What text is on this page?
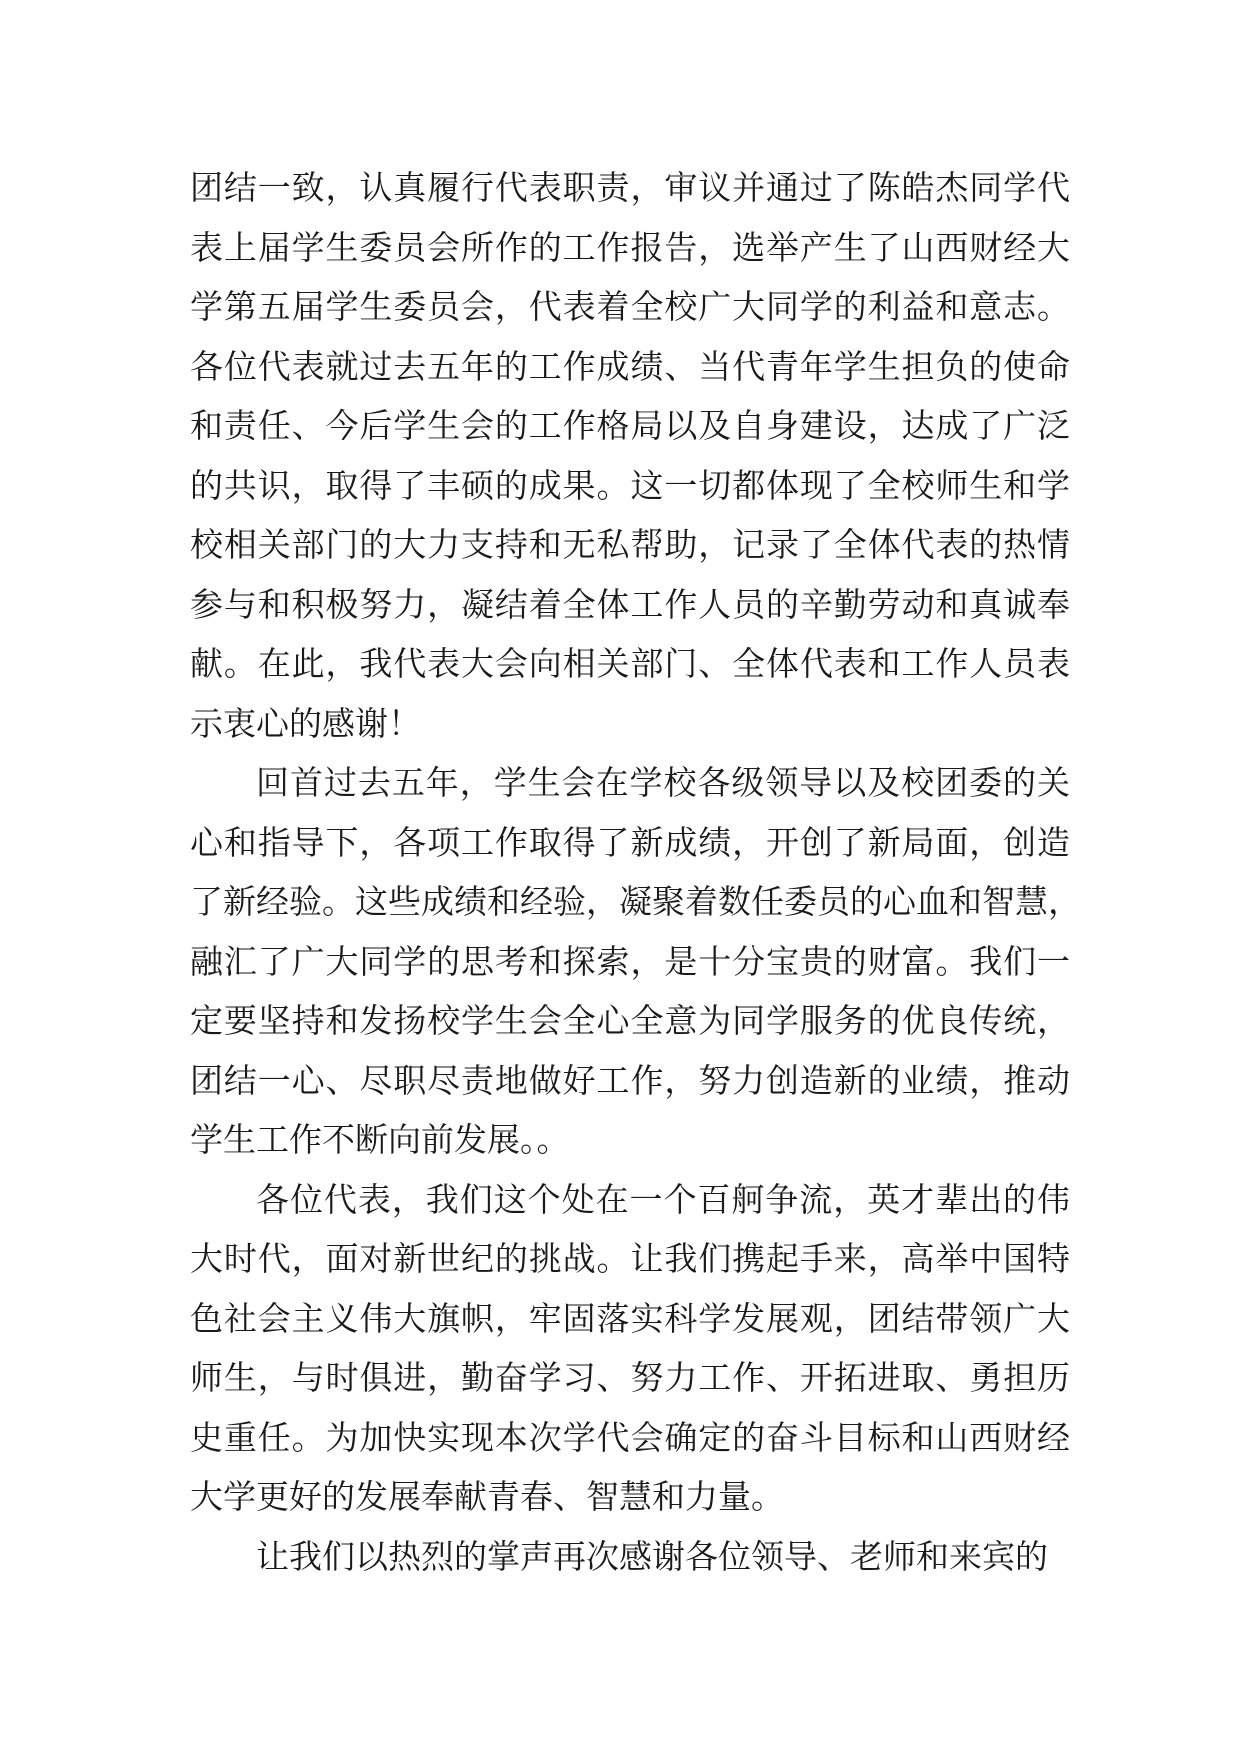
团结一致，认真履行代表职责，审议并通过了陈皓杰同学代
表上届学生委员会所作的工作报告，选举产生了山西财经大
学第五届学生委员会，代表着全校广大同学的利益和意志。
各位代表就过去五年的工作成绩、当代青年学生担负的使命
和责任、今后学生会的工作格局以及自身建设，达成了广泛
的共识，取得了丰硕的成果。这一切都体现了全校师生和学
校相关部门的大力支持和无私帮助，记录了全体代表的热情
参与和积极努力，凝结着全体工作人员的辛勤劳动和真诚奉
献。在此，我代表大会向相关部门、全体代表和工作人员表
示衷心的感谢！
回首过去五年，学生会在学校各级领导以及校团委的关
心和指导下，各项工作取得了新成绩，开创了新局面，创造
了新经验。这些成绩和经验，凝聚着数任委员的心血和智慧，
融汇了广大同学的思考和探索，是十分宝贵的财富。我们一
定要坚持和发扬校学生会全心全意为同学服务的优良传统，
团结一心、尽职尽责地做好工作，努力创造新的业绩，推动
学生工作不断向前发展。。
各位代表，我们这个处在一个百舸争流，英才辈出的伟
大时代，面对新世纪的挑战。让我们携起手来，高举中国特
色社会主义伟大旗帜，牢固落实科学发展观，团结带领广大
师生，与时俱进，勤奋学习、努力工作、开拓进取、勇担历
史重任。为加快实现本次学代会确定的奋斗目标和山西财经
大学更好的发展奉献青春、智慧和力量。
让我们以热烈的掌声再次感谢各位领导、老师和来宾的
